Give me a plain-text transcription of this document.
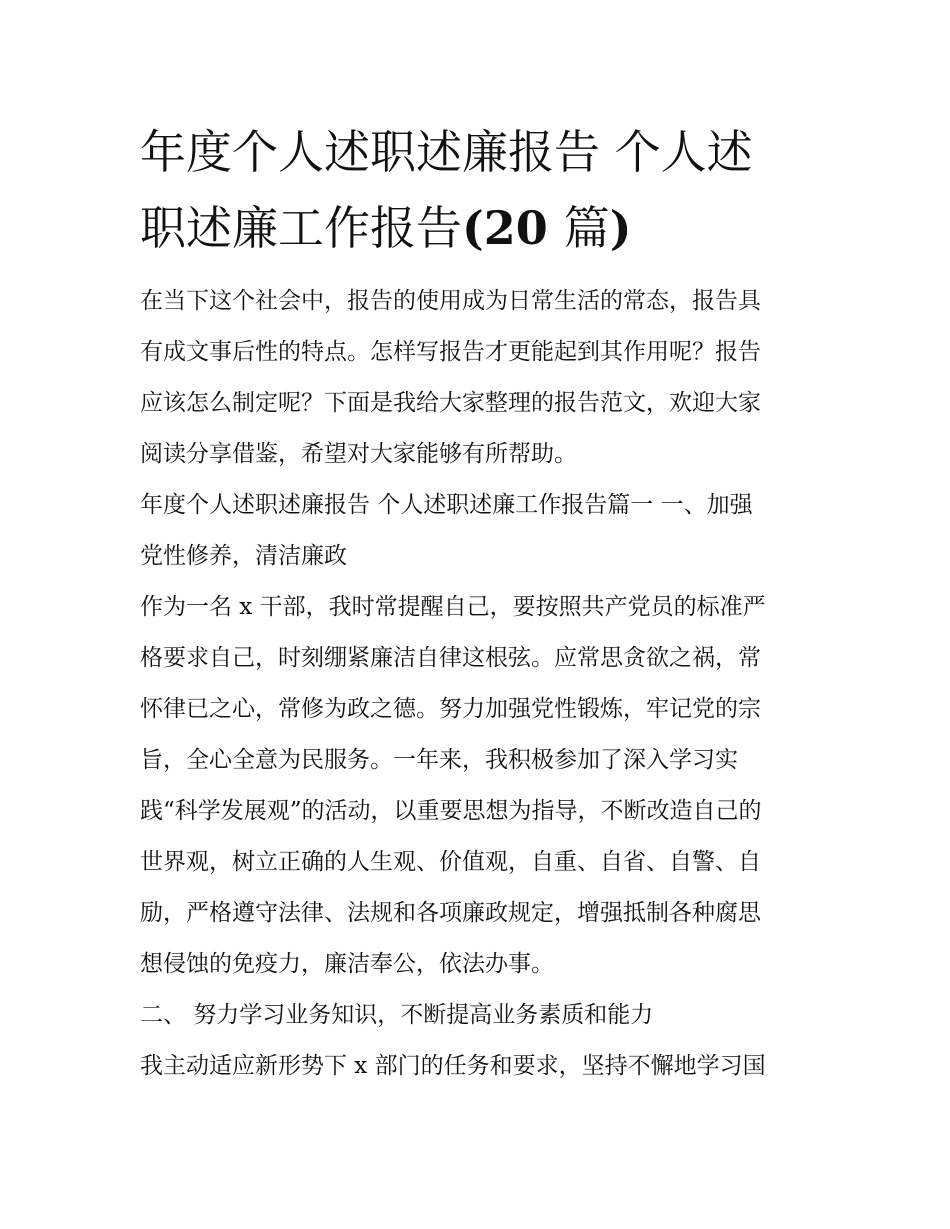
年度个人述职述廉报告 个人述
职述廉工作报告(20 篇)

在当下这个社会中，报告的使用成为日常生活的常态，报告具
有成文事后性的特点。怎样写报告才更能起到其作用呢？报告
应该怎么制定呢？下面是我给大家整理的报告范文，欢迎大家
阅读分享借鉴，希望对大家能够有所帮助。

年度个人述职述廉报告 个人述职述廉工作报告篇一 一、加强
党性修养，清洁廉政

作为一名 x 干部，我时常提醒自己，要按照共产党员的标准严
格要求自己，时刻绷紧廉洁自律这根弦。应常思贪欲之祸，常
怀律已之心，常修为政之德。努力加强党性锻炼，牢记党的宗
旨，全心全意为民服务。一年来，我积极参加了深入学习实
践“科学发展观”的活动，以重要思想为指导，不断改造自己的
世界观，树立正确的人生观、价值观，自重、自省、自警、自
励，严格遵守法律、法规和各项廉政规定，增强抵制各种腐思
想侵蚀的免疫力，廉洁奉公，依法办事。

二、 努力学习业务知识，不断提高业务素质和能力

我主动适应新形势下 x 部门的任务和要求，坚持不懈地学习国
